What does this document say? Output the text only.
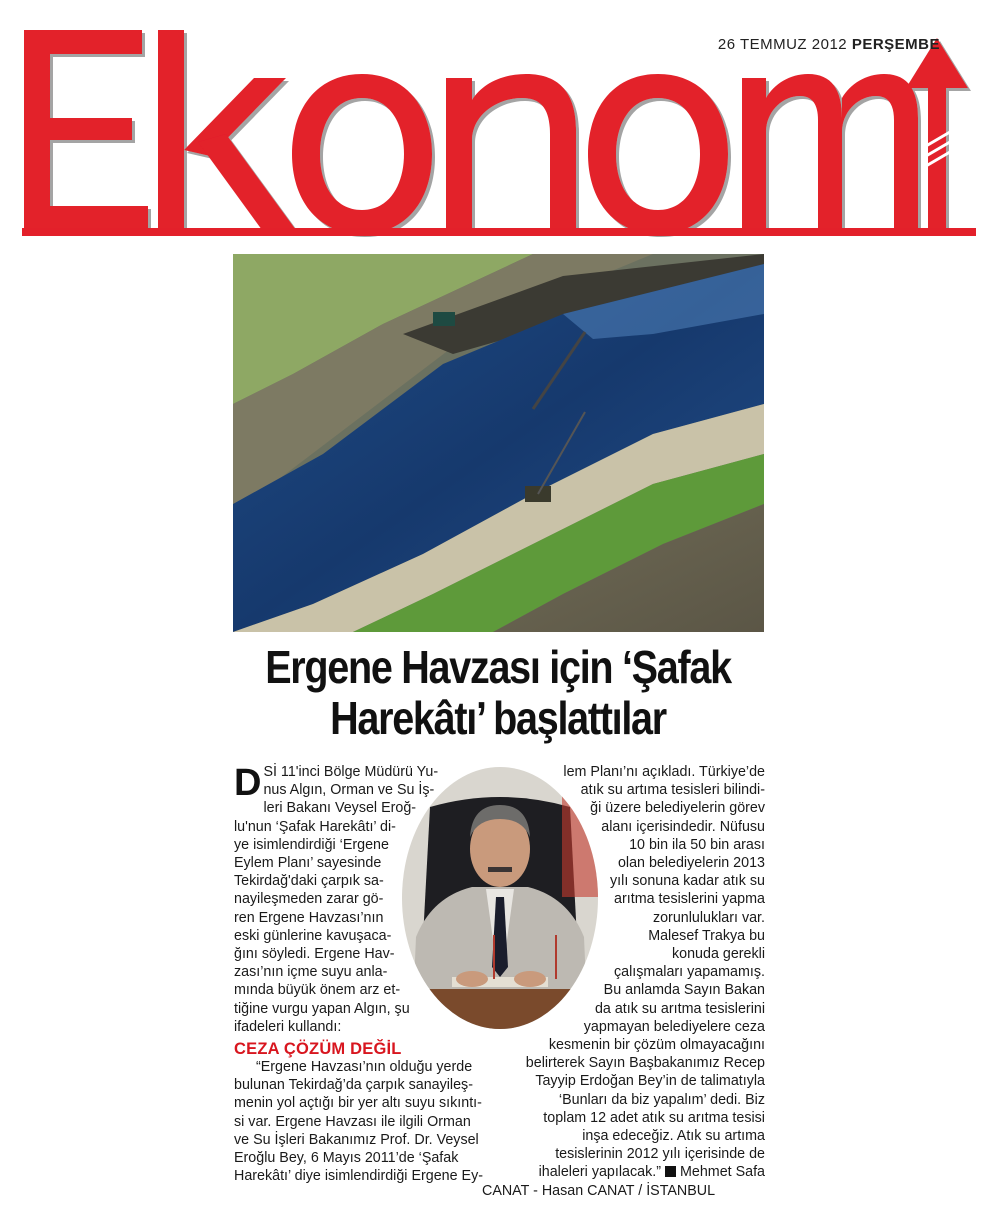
26 TEMMUZ 2012 PERŞEMBE
Ergene Havzası için ‘Şafak
Harekâtı’ başlattılar
D Sİ 11'inci Bölge Müdürü Yu-
nus Algın, Orman ve Su İş-
leri Bakanı Veysel Eroğ-
lu'nun ‘Şafak Harekâtı’ di-
ye isimlendirdiği ‘Ergene
Eylem Planı’ sayesinde
Tekirdağ'daki çarpık sa-
nayileşmeden zarar gö-
ren Ergene Havzası’nın
eski günlerine kavuşaca-
ğını söyledi. Ergene Hav-
zası’nın içme suyu anla-
mında büyük önem arz et-
tiğine vurgu yapan Algın, şu
ifadeleri kullandı:
CEZA ÇÖZÜM DEĞİL
“Ergene Havzası’nın olduğu yerde
bulunan Tekirdağ’da çarpık sanayileş-
menin yol açtığı bir yer altı suyu sıkıntı-
si var. Ergene Havzası ile ilgili Orman
ve Su İşleri Bakanımız Prof. Dr. Veysel
Eroğlu Bey, 6 Mayıs 2011’de ‘Şafak
Harekâtı’ diye isimlendirdiği Ergene Ey-
lem Planı’nı açıkladı. Türkiye’de
atık su artıma tesisleri bilindi-
ği üzere belediyelerin görev
alanı içerisindedir. Nüfusu
10 bin ila 50 bin arası
olan belediyelerin 2013
yılı sonuna kadar atık su
arıtma tesislerini yapma
zorunlulukları var.
Malesef Trakya bu
konuda gerekli
çalışmaları yapamamış.
Bu anlamda Sayın Bakan
da atık su arıtma tesislerini
yapmayan belediyelere ceza
kesmenin bir çözüm olmayacağını
belirterek Sayın Başbakanımız Recep
Tayyip Erdoğan Bey’in de talimatıyla
‘Bunları da biz yapalım’ dedi. Biz
toplam 12 adet atık su arıtma tesisi
inşa edeceğiz. Atık su artıma
tesislerinin 2012 yılı içerisinde de
ihaleleri yapılacak.” Mehmet Safa
CANAT - Hasan CANAT / İSTANBUL
